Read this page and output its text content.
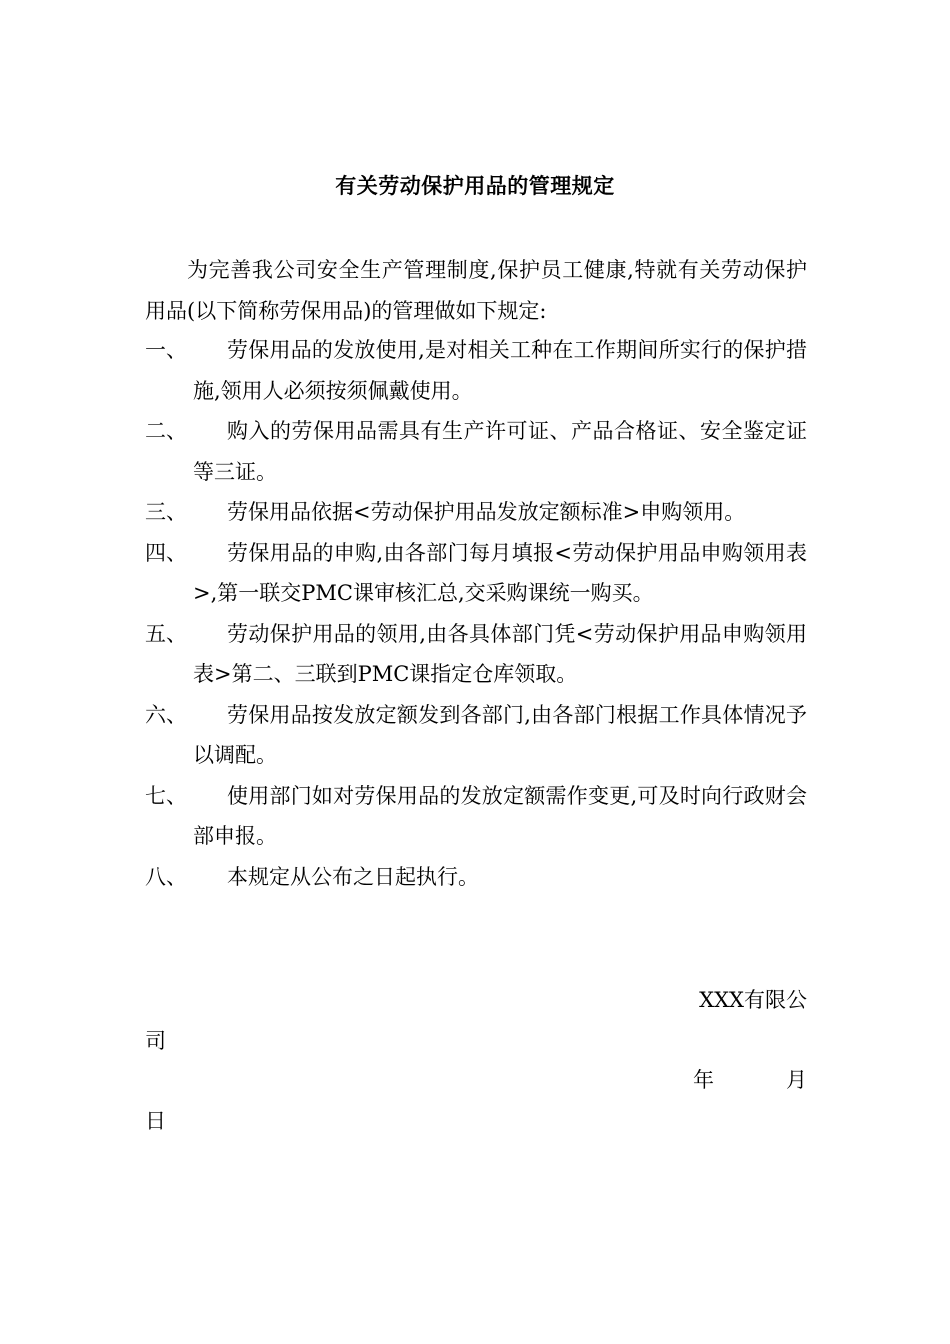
有关劳动保护用品的管理规定

为完善我公司安全生产管理制度,保护员工健康,特就有关劳动保护用品(以下简称劳保用品)的管理做如下规定:

一、	劳保用品的发放使用,是对相关工种在工作期间所实行的保护措施,领用人必须按须佩戴使用。
二、	购入的劳保用品需具有生产许可证、产品合格证、安全鉴定证等三证。
三、	劳保用品依据<劳动保护用品发放定额标准>申购领用。
四、	劳保用品的申购,由各部门每月填报<劳动保护用品申购领用表>,第一联交PMC课审核汇总,交采购课统一购买。
五、	劳动保护用品的领用,由各具体部门凭<劳动保护用品申购领用表>第二、三联到PMC课指定仓库领取。
六、	劳保用品按发放定额发到各部门,由各部门根据工作具体情况予以调配。
七、	使用部门如对劳保用品的发放定额需作变更,可及时向行政财会部申报。
八、	本规定从公布之日起执行。
XXX有限公
司
年	月
日
